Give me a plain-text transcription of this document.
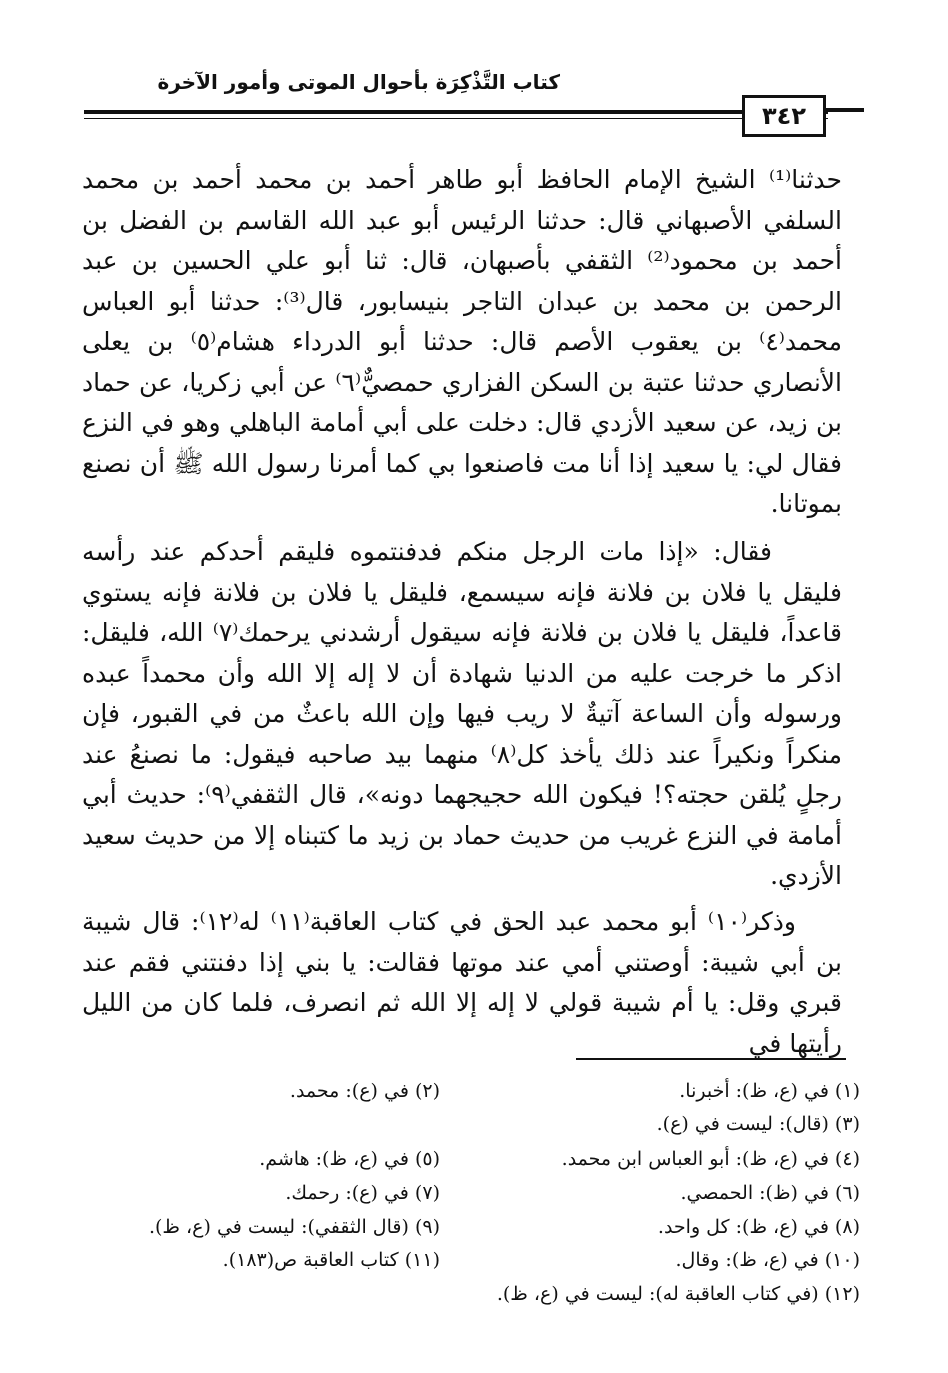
كتاب التَّذْكِرَة بأحوال الموتى وأمور الآخرة
٣٤٢
حدثنا⁽¹⁾ الشيخ الإمام الحافظ أبو طاهر أحمد بن محمد أحمد بن محمد السلفي الأصبهاني قال: حدثنا الرئيس أبو عبد الله القاسم بن الفضل بن أحمد بن محمود⁽²⁾ الثقفي بأصبهان، قال: ثنا أبو علي الحسين بن عبد الرحمن بن محمد بن عبدان التاجر بنيسابور، قال⁽³⁾: حدثنا أبو العباس محمد⁽٤⁾ بن يعقوب الأصم قال: حدثنا أبو الدرداء هشام⁽٥⁾ بن يعلى الأنصاري حدثنا عتبة بن السكن الفزاري حمصيٌّ⁽٦⁾ عن أبي زكريا، عن حماد بن زيد، عن سعيد الأزدي قال: دخلت على أبي أمامة الباهلي وهو في النزع فقال لي: يا سعيد إذا أنا مت فاصنعوا بي كما أمرنا رسول الله ﷺ أن نصنع بموتانا.
فقال: «إذا مات الرجل منكم فدفنتموه فليقم أحدكم عند رأسه فليقل يا فلان بن فلانة فإنه سيسمع، فليقل يا فلان بن فلانة فإنه يستوي قاعداً، فليقل يا فلان بن فلانة فإنه سيقول أرشدني يرحمك⁽٧⁾ الله، فليقل: اذكر ما خرجت عليه من الدنيا شهادة أن لا إله إلا الله وأن محمداً عبده ورسوله وأن الساعة آتيةٌ لا ريب فيها وإن الله باعثٌ من في القبور، فإن منكراً ونكيراً عند ذلك يأخذ كل⁽٨⁾ منهما بيد صاحبه فيقول: ما نصنعُ عند رجلٍ يُلقن حجته؟! فيكون الله حجيجهما دونه»، قال الثقفي⁽٩⁾: حديث أبي أمامة في النزع غريب من حديث حماد بن زيد ما كتبناه إلا من حديث سعيد الأزدي.
وذكر⁽١٠⁾ أبو محمد عبد الحق في كتاب العاقبة⁽١١⁾ له⁽١٢⁾: قال شيبة بن أبي شيبة: أوصتني أمي عند موتها فقالت: يا بني إذا دفنتني فقم عند قبري وقل: يا أم شيبة قولي لا إله إلا الله ثم انصرف، فلما كان من الليل رأيتها في
(١) في (ع، ظ): أخبرنا.
(٢) في (ع): محمد.
(٣) (قال): ليست في (ع).
(٤) في (ع، ظ): أبو العباس ابن محمد.
(٥) في (ع، ظ): هاشم.
(٦) في (ظ): الحمصي.
(٧) في (ع): رحمك.
(٨) في (ع، ظ): كل واحد.
(٩) (قال الثقفي): ليست في (ع، ظ).
(١٠) في (ع، ظ): وقال.
(١١) كتاب العاقبة ص(١٨٣).
(١٢) (في كتاب العاقبة له): ليست في (ع، ظ).
